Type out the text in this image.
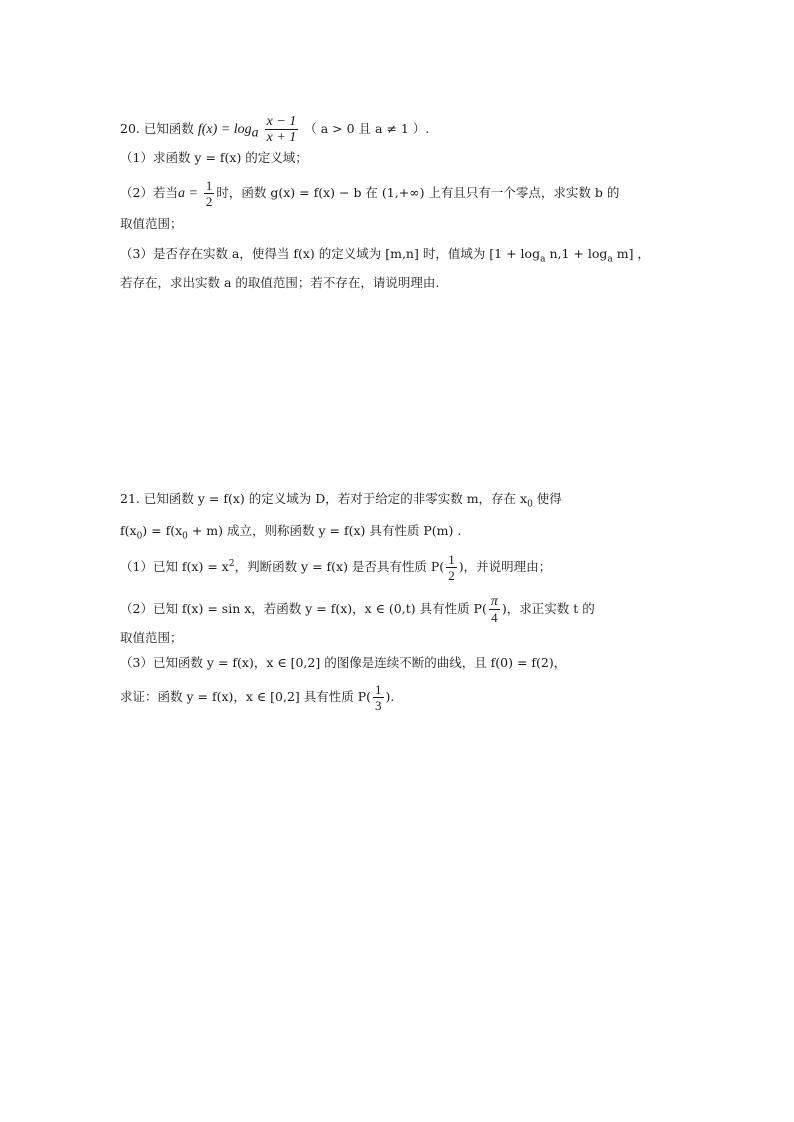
20. 已知函数 $f(x) = \log_a \frac{x - 1}{x + 1}$ （ a > 0 且 a ≠ 1 ）.
（1）求函数 y = f(x) 的定义域；
（2）若当$a = \frac{1}{2}$ 时，函数 g(x) = f(x) − b 在 (1,+∞) 上有且只有一个零点，求实数 b 的
取值范围；
（3）是否存在实数 a，使得当 f(x) 的定义域为 [m,n] 时，值域为 $[1 + \log_a n,1 + \log_a m]$ ，
若存在，求出实数 a 的取值范围；若不存在，请说明理由.
21. 已知函数 y = f(x) 的定义域为 D，若对于给定的非零实数 m，存在 $x_0$ 使得
$f(x_0) = f(x_0 + m)$ 成立，则称函数 y = f(x) 具有性质 P(m) .
（1）已知 $f(x) = x^2$，判断函数 y = f(x) 是否具有性质 $P( \frac{1}{2}$ )，并说明理由；
（2）已知 f(x) = sin x，若函数 y = f(x)，x ∈ (0,t) 具有性质 $P( \frac{\pi}{4}$ )，求正实数 t 的
取值范围；
（3）已知函数 y = f(x)，x ∈ [0,2] 的图像是连续不断的曲线，且 f(0) = f(2)，
求证：函数 y = f(x)，x ∈ [0,2] 具有性质 $P( \frac{1}{3}$ ).
